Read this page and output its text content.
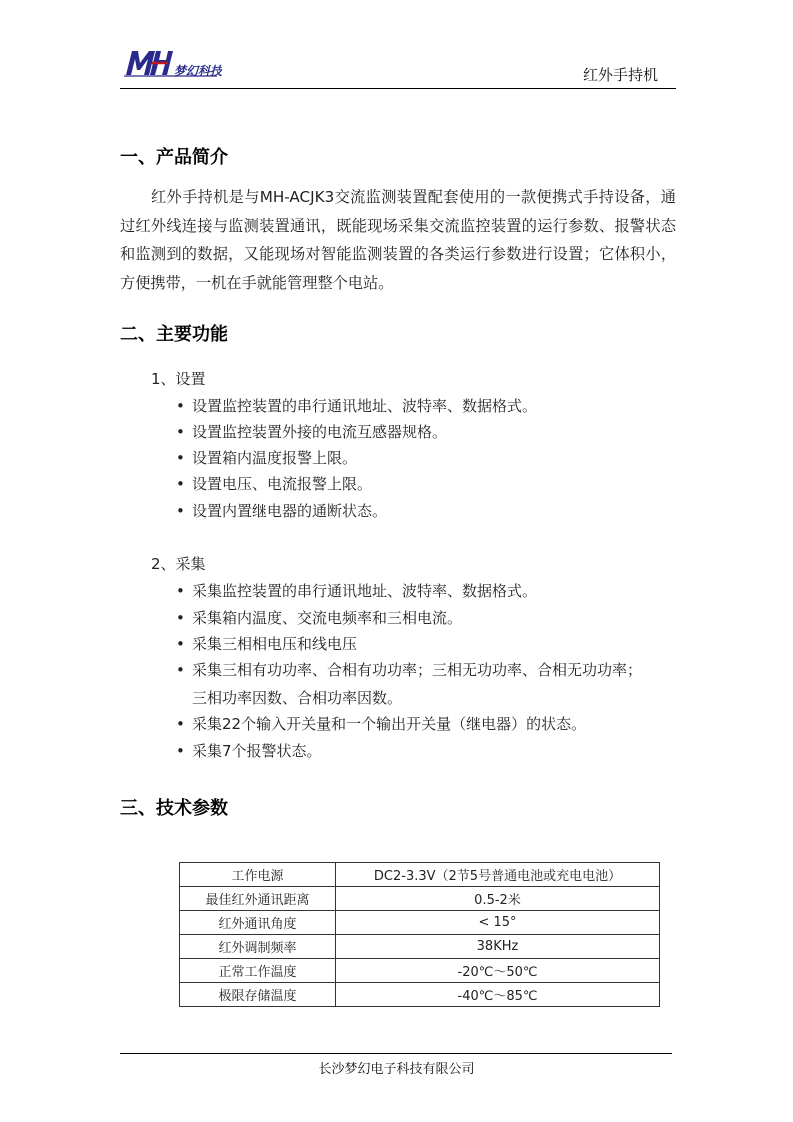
梦幻科技	红外手持机
一、产品简介
红外手持机是与MH-ACJK3交流监测装置配套使用的一款便携式手持设备，通过红外线连接与监测装置通讯，既能现场采集交流监控装置的运行参数、报警状态和监测到的数据，又能现场对智能监测装置的各类运行参数进行设置；它体积小，方便携带，一机在手就能管理整个电站。
二、主要功能
1、设置
• 设置监控装置的串行通讯地址、波特率、数据格式。
• 设置监控装置外接的电流互感器规格。
• 设置箱内温度报警上限。
• 设置电压、电流报警上限。
• 设置内置继电器的通断状态。
2、采集
• 采集监控装置的串行通讯地址、波特率、数据格式。
• 采集箱内温度、交流电频率和三相电流。
• 采集三相相电压和线电压
• 采集三相有功功率、合相有功功率；三相无功功率、合相无功功率；
三相功率因数、合相功率因数。
• 采集22个输入开关量和一个输出开关量（继电器）的状态。
• 采集7个报警状态。
三、技术参数
工作电源	DC2-3.3V（2节5号普通电池或充电电池）
最佳红外通讯距离	0.5-2米
红外通讯角度	< 15°
红外调制频率	38KHz
正常工作温度	-20℃～50℃
极限存储温度	-40℃～85℃
长沙梦幻电子科技有限公司
